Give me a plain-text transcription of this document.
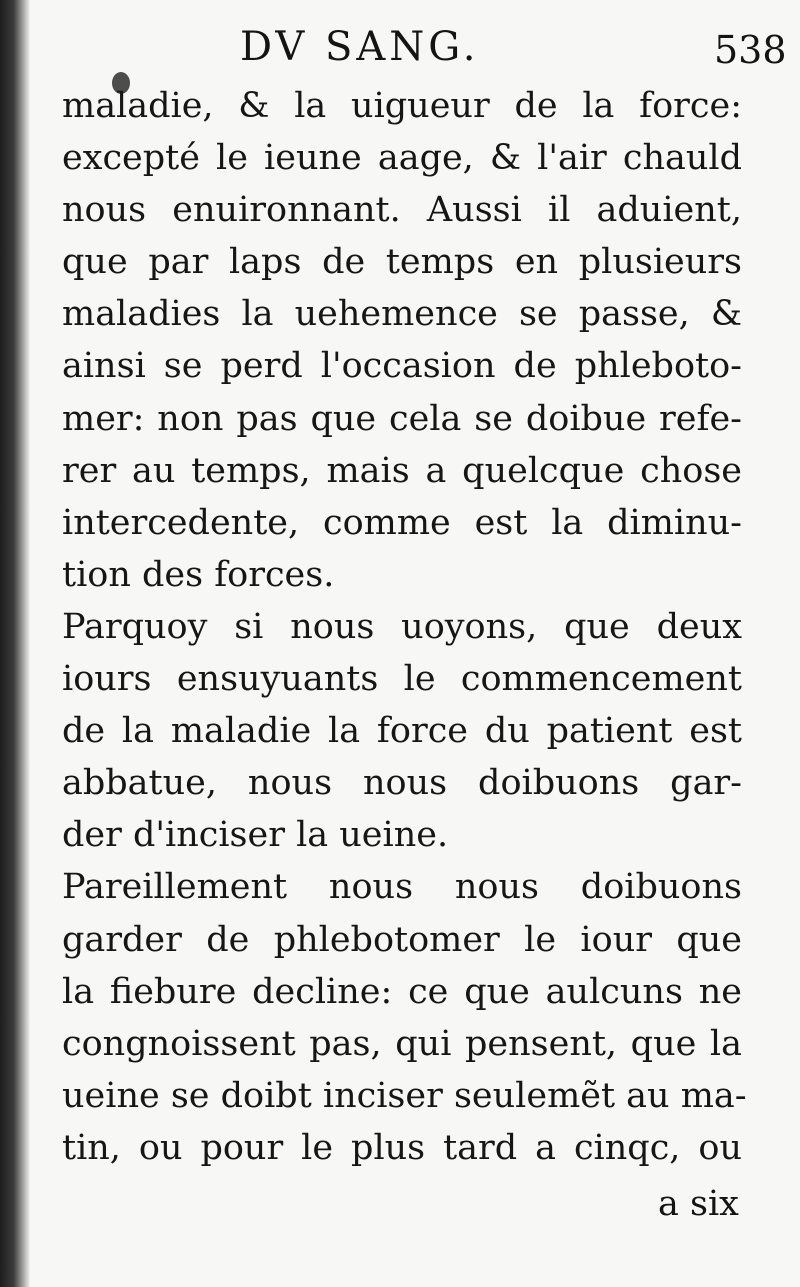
DV SANG.	538
maladie, & la uigueur de la force:
excepté le ieune aage, & l'air chauld
nous enuironnant. Aussi il aduient,
que par laps de temps en plusieurs
maladies la uehemence se passe, &
ainsi se perd l'occasion de phleboto-
mer: non pas que cela se doibue refe-
rer au temps, mais a quelcque chose
intercedente, comme est la diminu-
tion des forces.
Parquoy si nous uoyons, que deux
iours ensuyuants le commencement
de la maladie la force du patient est
abbatue, nous nous doibuons gar-
der d'inciser la ueine.
Pareillement nous nous doibuons
garder de phlebotomer le iour que
la fiebure decline: ce que aulcuns ne
congnoissent pas, qui pensent, que la
ueine se doibt inciser seulemẽt au ma-
tin, ou pour le plus tard a cinqc, ou
a six
